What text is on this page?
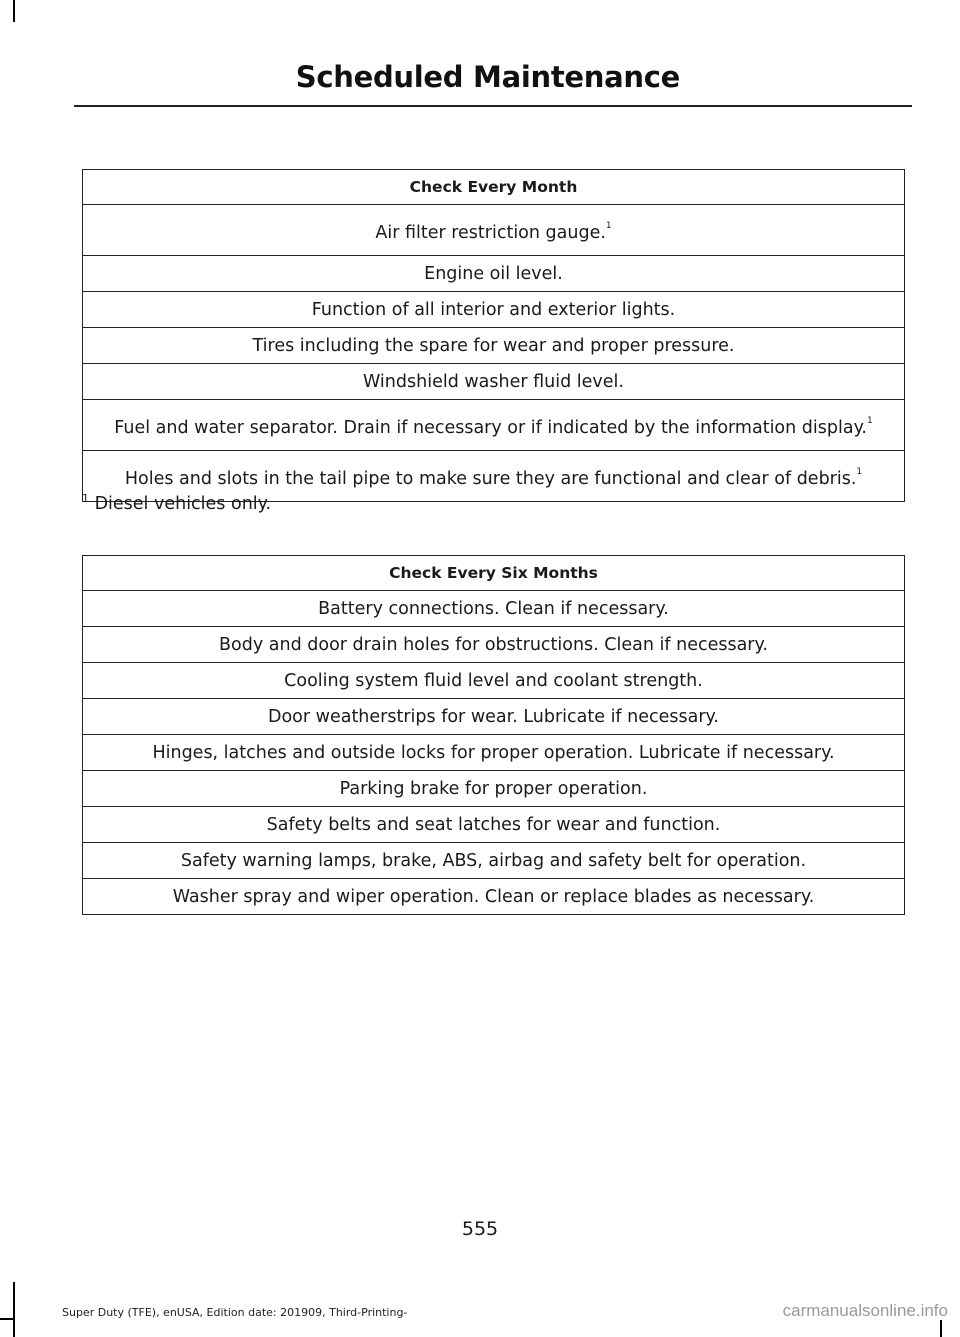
Scheduled Maintenance
Check Every Month
Air filter restriction gauge.$^1$
Engine oil level.
Function of all interior and exterior lights.
Tires including the spare for wear and proper pressure.
Windshield washer fluid level.
Fuel and water separator. Drain if necessary or if indicated by the information display.$^1$
Holes and slots in the tail pipe to make sure they are functional and clear of debris.$^1$
$^1$ Diesel vehicles only.
Check Every Six Months
Battery connections. Clean if necessary.
Body and door drain holes for obstructions. Clean if necessary.
Cooling system fluid level and coolant strength.
Door weatherstrips for wear. Lubricate if necessary.
Hinges, latches and outside locks for proper operation. Lubricate if necessary.
Parking brake for proper operation.
Safety belts and seat latches for wear and function.
Safety warning lamps, brake, ABS, airbag and safety belt for operation.
Washer spray and wiper operation. Clean or replace blades as necessary.
555
Super Duty (TFE), enUSA, Edition date: 201909, Third-Printing-	carmanualsonline.info
